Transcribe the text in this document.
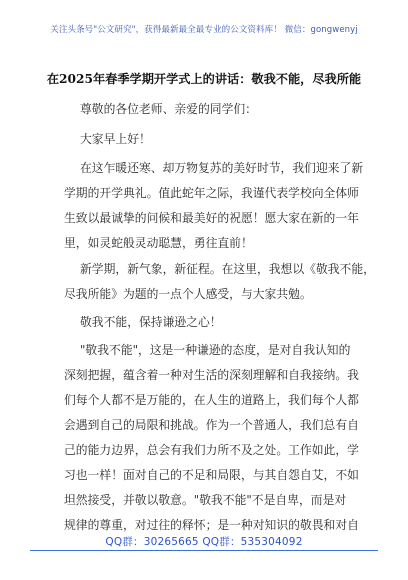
关注头条号"公文研究"，获得最新最全最专业的公文资料库！ 微信：gongwenyj
在2025年春季学期开学式上的讲话：敬我不能，尽我所能
尊敬的各位老师、亲爱的同学们：
大家早上好！
在这乍暖还寒、却万物复苏的美好时节，我们迎来了新
学期的开学典礼。值此蛇年之际，我谨代表学校向全体师
生致以最诚挚的问候和最美好的祝愿！愿大家在新的一年
里，如灵蛇般灵动聪慧，勇往直前！
新学期，新气象，新征程。在这里，我想以《敬我不能，
尽我所能》为题的一点个人感受，与大家共勉。
敬我不能，保持谦逊之心！
"敬我不能"，这是一种谦逊的态度，是对自我认知的
深刻把握，蕴含着一种对生活的深刻理解和自我接纳。我
们每个人都不是万能的，在人生的道路上，我们每个人都
会遇到自己的局限和挑战。作为一个普通人，我们总有自
己的能力边界，总会有我们力所不及之处。工作如此，学
习也一样！面对自己的不足和局限，与其自怨自艾，不如
坦然接受，并敬以敬意。"敬我不能"不是自卑，而是对
规律的尊重，对过往的释怀；是一种对知识的敬畏和对自
QQ群：30265665 QQ群：535304092
